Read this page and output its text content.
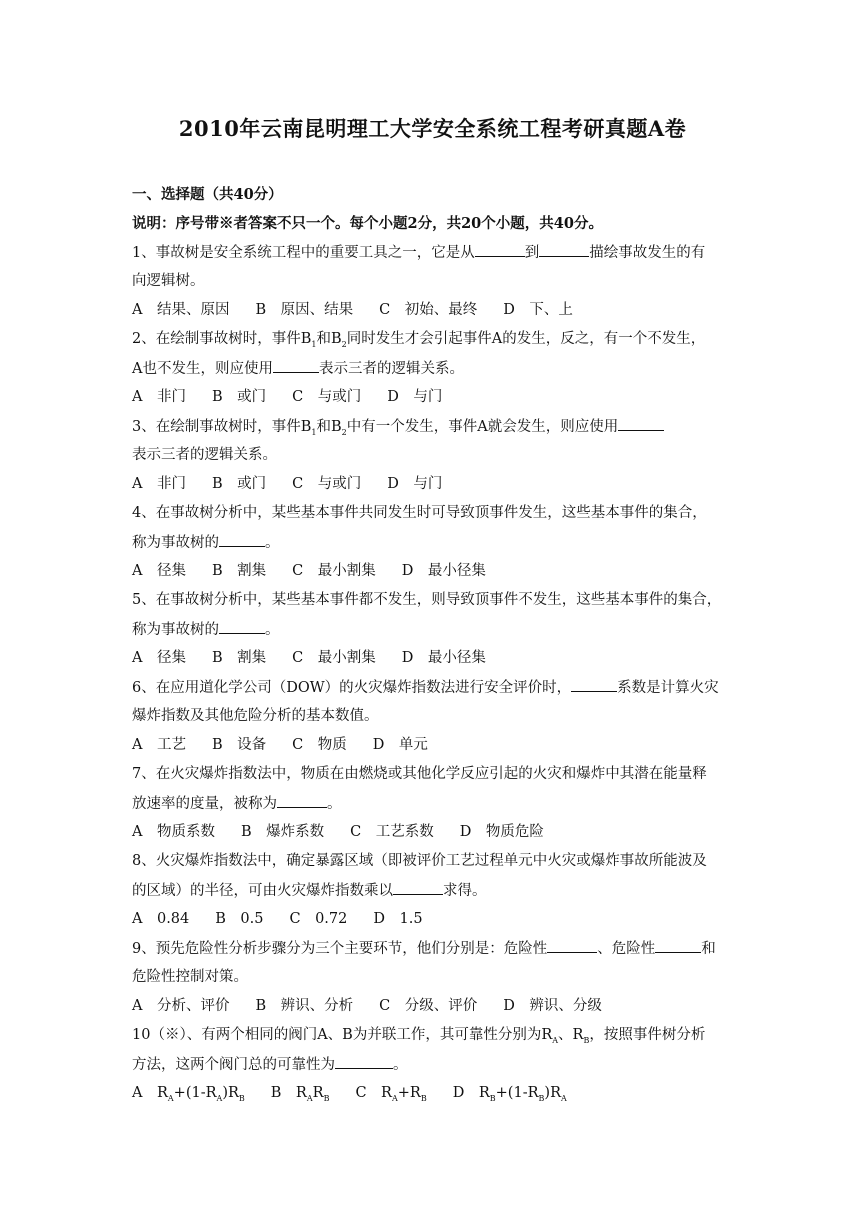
2010年云南昆明理工大学安全系统工程考研真题A卷
一、选择题（共40分）
说明：序号带※者答案不只一个。每个小题2分，共20个小题，共40分。
1、事故树是安全系统工程中的重要工具之一，它是从	到	描绘事故发生的有
向逻辑树。
A　结果、原因 B　原因、结果 C　初始、最终 D　下、上
2、在绘制事故树时，事件$B_1$和$B_2$同时发生才会引起事件A的发生，反之，有一个不发生，
A也不发生，则应使用	表示三者的逻辑关系。
A　非门 B　或门 C　与或门 D　与门
3、在绘制事故树时，事件$B_1$和$B_2$中有一个发生，事件A就会发生，则应使用
表示三者的逻辑关系。
A　非门 B　或门 C　与或门 D　与门
4、在事故树分析中，某些基本事件共同发生时可导致顶事件发生，这些基本事件的集合，
称为事故树的	。
A　径集 B　割集 C　最小割集 D　最小径集
5、在事故树分析中，某些基本事件都不发生，则导致顶事件不发生，这些基本事件的集合，
称为事故树的	。
A　径集 B　割集 C　最小割集 D　最小径集
6、在应用道化学公司（DOW）的火灾爆炸指数法进行安全评价时，	系数是计算火灾
爆炸指数及其他危险分析的基本数值。
A　工艺 B　设备 C　物质 D　单元
7、在火灾爆炸指数法中，物质在由燃烧或其他化学反应引起的火灾和爆炸中其潜在能量释
放速率的度量，被称为	。
A　物质系数 B　爆炸系数 C　工艺系数 D　物质危险
8、火灾爆炸指数法中，确定暴露区域（即被评价工艺过程单元中火灾或爆炸事故所能波及
的区域）的半径，可由火灾爆炸指数乘以	求得。
A　0.84 B　0.5 C　0.72 D　1.5
9、预先危险性分析步骤分为三个主要环节，他们分别是：危险性	、危险性	和
危险性控制对策。
A　分析、评价 B　辨识、分析 C　分级、评价 D　辨识、分级
10（※）、有两个相同的阀门A、B为并联工作，其可靠性分别为$R_A$、$R_B$，按照事件树分析
方法，这两个阀门总的可靠性为	。
A　$R_A+(1-R_A)R_B$ B　$R_AR_B$ C　$R_A+R_B$ D　$R_B+(1-R_B)R_A$
